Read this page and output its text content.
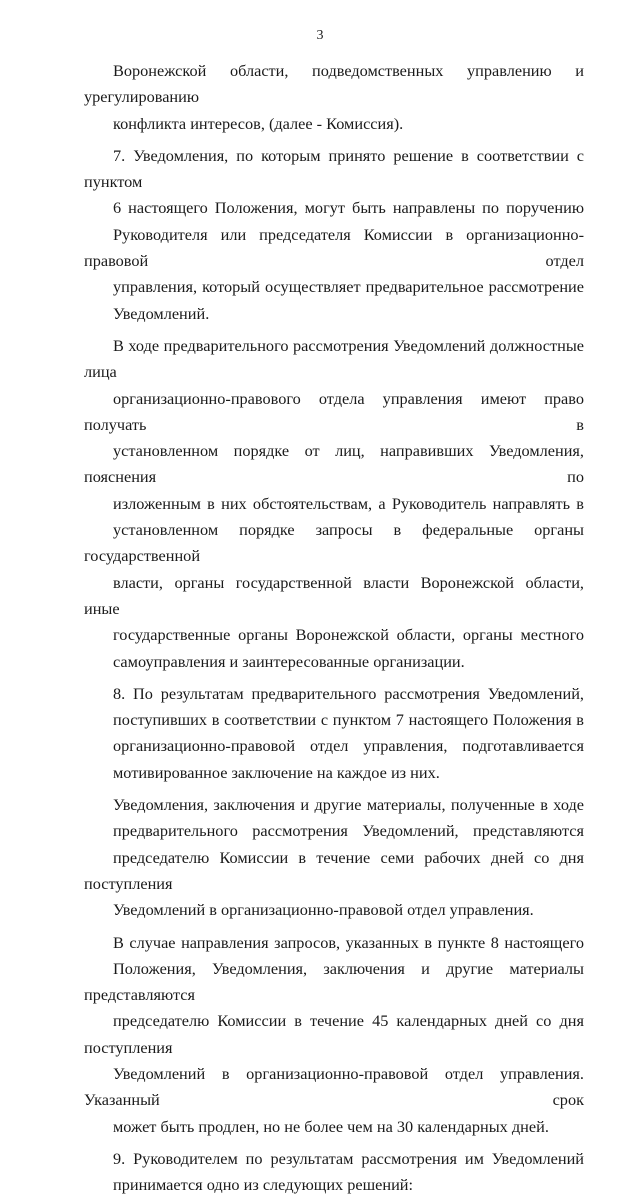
3
Воронежской области, подведомственных управлению и урегулированию
конфликта интересов, (далее - Комиссия).
7. Уведомления, по которым принято решение в соответствии с пунктом
6 настоящего Положения, могут быть направлены по поручению
Руководителя или председателя Комиссии в организационно-правовой отдел
управления, который осуществляет предварительное рассмотрение
Уведомлений.
В ходе предварительного рассмотрения Уведомлений должностные лица
организационно-правового отдела управления имеют право получать в
установленном порядке от лиц, направивших Уведомления, пояснения по
изложенным в них обстоятельствам, а Руководитель направлять в
установленном порядке запросы в федеральные органы государственной
власти, органы государственной власти Воронежской области, иные
государственные органы Воронежской области, органы местного
самоуправления и заинтересованные организации.
8. По результатам предварительного рассмотрения Уведомлений,
поступивших в соответствии с пунктом 7 настоящего Положения в
организационно-правовой отдел управления, подготавливается
мотивированное заключение на каждое из них.
Уведомления, заключения и другие материалы, полученные в ходе
предварительного рассмотрения Уведомлений, представляются
председателю Комиссии в течение семи рабочих дней со дня поступления
Уведомлений в организационно-правовой отдел управления.
В случае направления запросов, указанных в пункте 8 настоящего
Положения, Уведомления, заключения и другие материалы представляются
председателю Комиссии в течение 45 календарных дней со дня поступления
Уведомлений в организационно-правовой отдел управления. Указанный срок
может быть продлен, но не более чем на 30 календарных дней.
9. Руководителем по результатам рассмотрения им Уведомлений
принимается одно из следующих решений:
